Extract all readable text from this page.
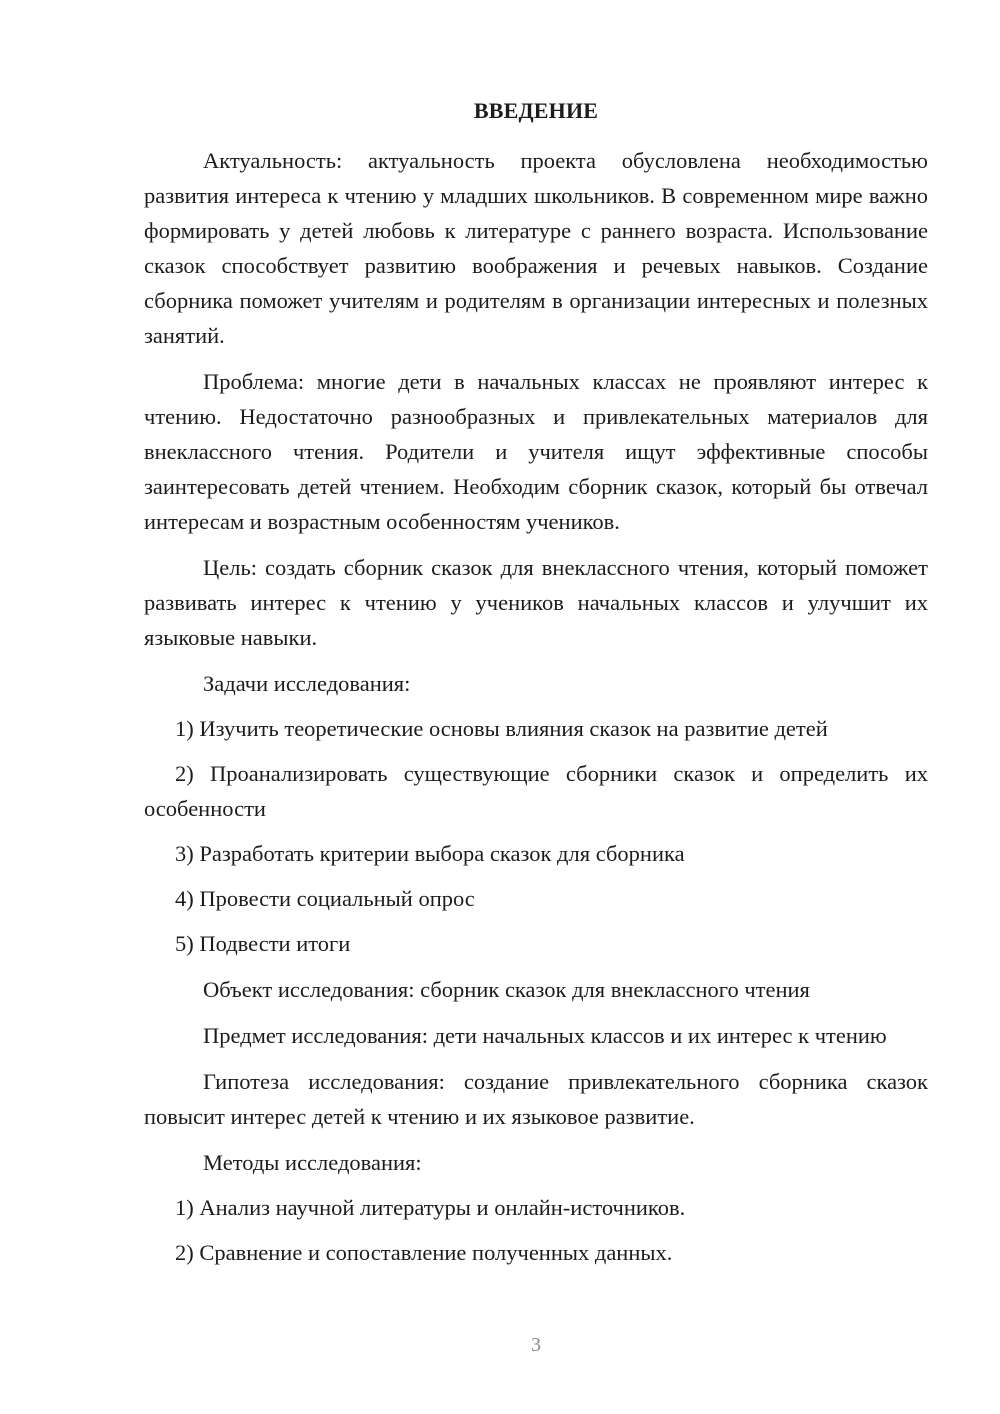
ВВЕДЕНИЕ

Актуальность: актуальность проекта обусловлена необходимостью развития интереса к чтению у младших школьников. В современном мире важно формировать у детей любовь к литературе с раннего возраста. Использование сказок способствует развитию воображения и речевых навыков. Создание сборника поможет учителям и родителям в организации интересных и полезных занятий.

Проблема: многие дети в начальных классах не проявляют интерес к чтению. Недостаточно разнообразных и привлекательных материалов для внеклассного чтения. Родители и учителя ищут эффективные способы заинтересовать детей чтением. Необходим сборник сказок, который бы отвечал интересам и возрастным особенностям учеников.

Цель: создать сборник сказок для внеклассного чтения, который поможет развивать интерес к чтению у учеников начальных классов и улучшит их языковые навыки.

Задачи исследования:

1) Изучить теоретические основы влияния сказок на развитие детей

2) Проанализировать существующие сборники сказок и определить их особенности

3) Разработать критерии выбора сказок для сборника

4) Провести социальный опрос

5) Подвести итоги

Объект исследования: сборник сказок для внеклассного чтения

Предмет исследования: дети начальных классов и их интерес к чтению

Гипотеза исследования: создание привлекательного сборника сказок повысит интерес детей к чтению и их языковое развитие.

Методы исследования:

1) Анализ научной литературы и онлайн-источников.

2) Сравнение и сопоставление полученных данных.

3
